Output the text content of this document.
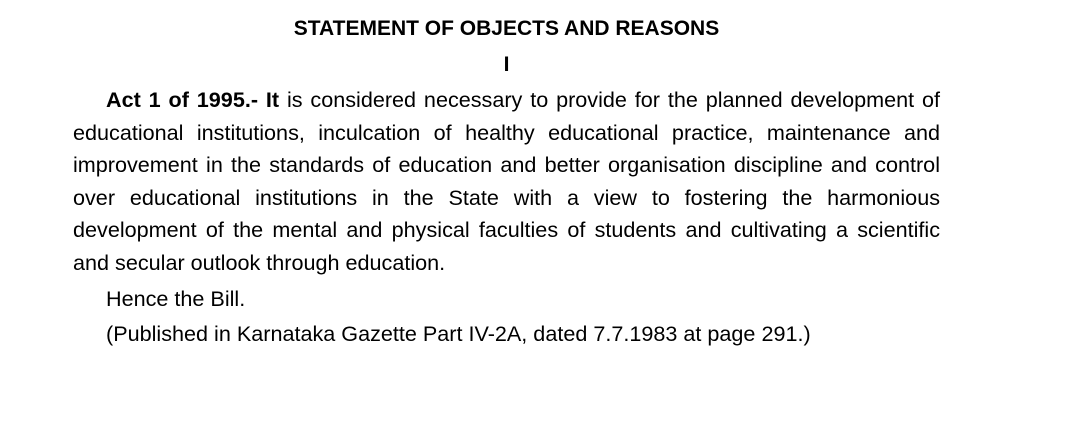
STATEMENT OF OBJECTS AND REASONS
I

Act 1 of 1995.- It is considered necessary to provide for the planned development of educational institutions, inculcation of healthy educational practice, maintenance and improvement in the standards of education and better organisation discipline and control over educational institutions in the State with a view to fostering the harmonious development of the mental and physical faculties of students and cultivating a scientific and secular outlook through education.

Hence the Bill.

(Published in Karnataka Gazette Part IV-2A, dated 7.7.1983 at page 291.)
